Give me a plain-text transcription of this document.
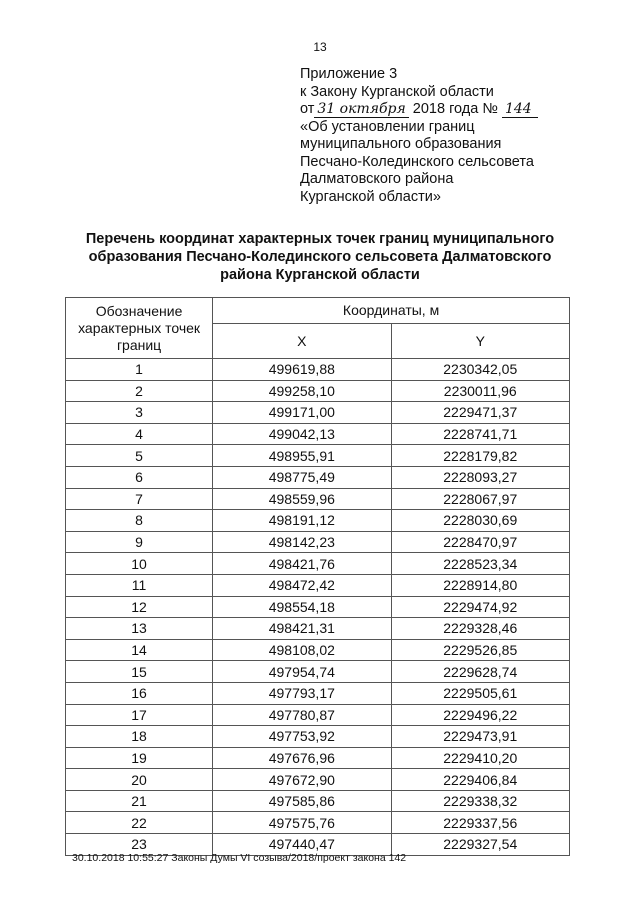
13
Приложение 3
к Закону Курганской области
от 31 октября 2018 года № 144
«Об установлении границ
муниципального образования
Песчано-Колединского сельсовета
Далматовского района
Курганской области»
Перечень координат характерных точек границ муниципального
образования Песчано-Колединского сельсовета Далматовского
района Курганской области
Обозначение
характерных точек
границ	Координаты, м	
	X	Y
1	499619,88	2230342,05
2	499258,10	2230011,96
3	499171,00	2229471,37
4	499042,13	2228741,71
5	498955,91	2228179,82
6	498775,49	2228093,27
7	498559,96	2228067,97
8	498191,12	2228030,69
9	498142,23	2228470,97
10	498421,76	2228523,34
11	498472,42	2228914,80
12	498554,18	2229474,92
13	498421,31	2229328,46
14	498108,02	2229526,85
15	497954,74	2229628,74
16	497793,17	2229505,61
17	497780,87	2229496,22
18	497753,92	2229473,91
19	497676,96	2229410,20
20	497672,90	2229406,84
21	497585,86	2229338,32
22	497575,76	2229337,56
23	497440,47	2229327,54
30.10.2018 10:55:27 Законы Думы VI созыва/2018/проект закона 142
